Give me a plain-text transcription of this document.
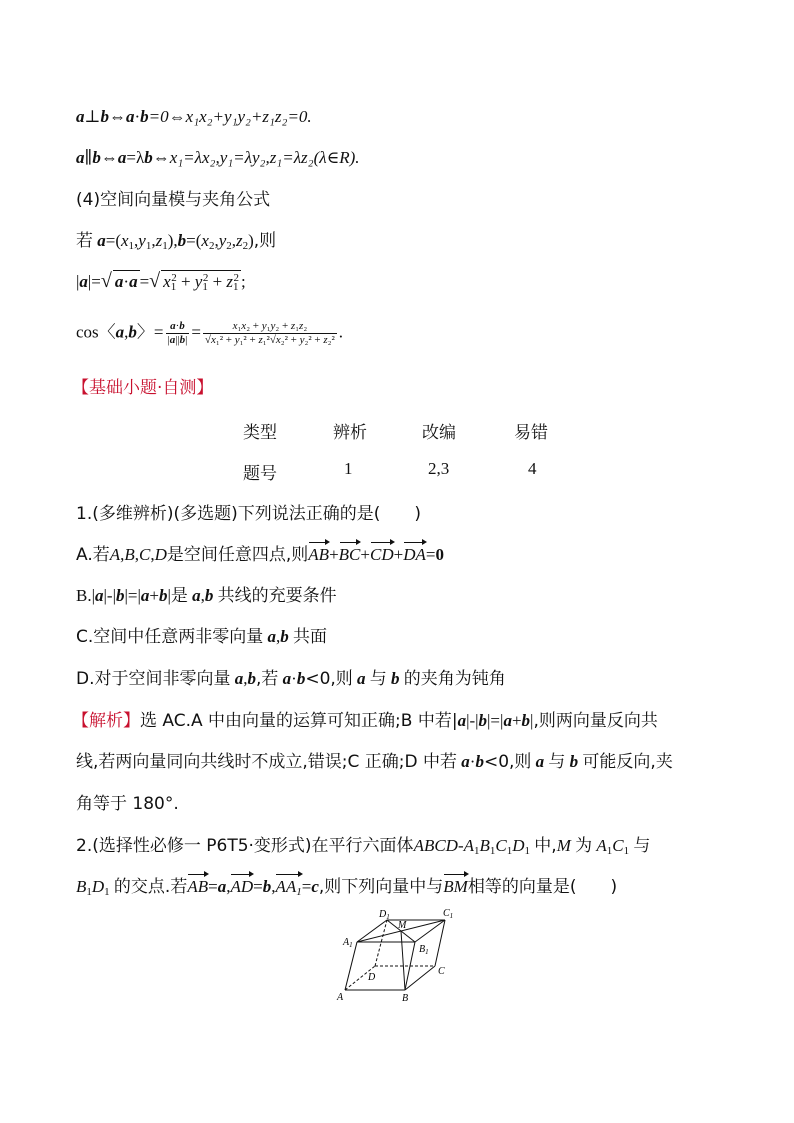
a⊥b⇔a·b=0⇔x₁x₂+y₁y₂+z₁z₂=0.
a∥b⇔a=λb⇔x₁=λx₂,y₁=λy₂,z₁=λz₂(λ∈R).
(4)空间向量模与夹角公式
若 $a=(x_1,y_1,z_1),b=(x_2,y_2,z_2)$,则
|a|=√ a·a =√ $x_1^2 + y_1^2 + z_1^2$ ;
cos〈a,b〉= $\frac{a\cdot b}{|a||b|} = \frac{\text{x₁x₂ + y₁y₂ + z₁z₂}}{\text{√x₁² + y₁² + z₁²√x₂² + y₂² + z₂²}}$ .
【基础小题·自测】
类型	辨析	改编	易错
题号	1	2,3	4
1.(多维辨析)(多选题)下列说法正确的是(　　)
A.若A,B,C,D是空间任意四点,则AB+BC+CD+DA=0
B.|a|-|b|=|a+b|是 a,b 共线的充要条件
C.空间中任意两非零向量 a,b 共面
D.对于空间非零向量 a,b,若 a·b<0,则 a 与 b 的夹角为钝角
【解析】选 AC.A 中由向量的运算可知正确;B 中若|a|-|b|=|a+b|,则两向量反向共
线,若两向量同向共线时不成立,错误;C 正确;D 中若 a·b<0,则 a 与 b 可能反向,夹
角等于 180°.
2.(选择性必修一 P6T5·变形式)在平行六面体ABCD-$A_1B_1C_1D_1$ 中,M 为 $A_1C_1$ 与
$B_1D_1$ 的交点.若$AB=a,AD=b,AA_1=c$,则下列向量中与BM相等的向量是(　　)
A	B
C
D
$A_1$	$B_1$
$C_1$
$D_1$
M
